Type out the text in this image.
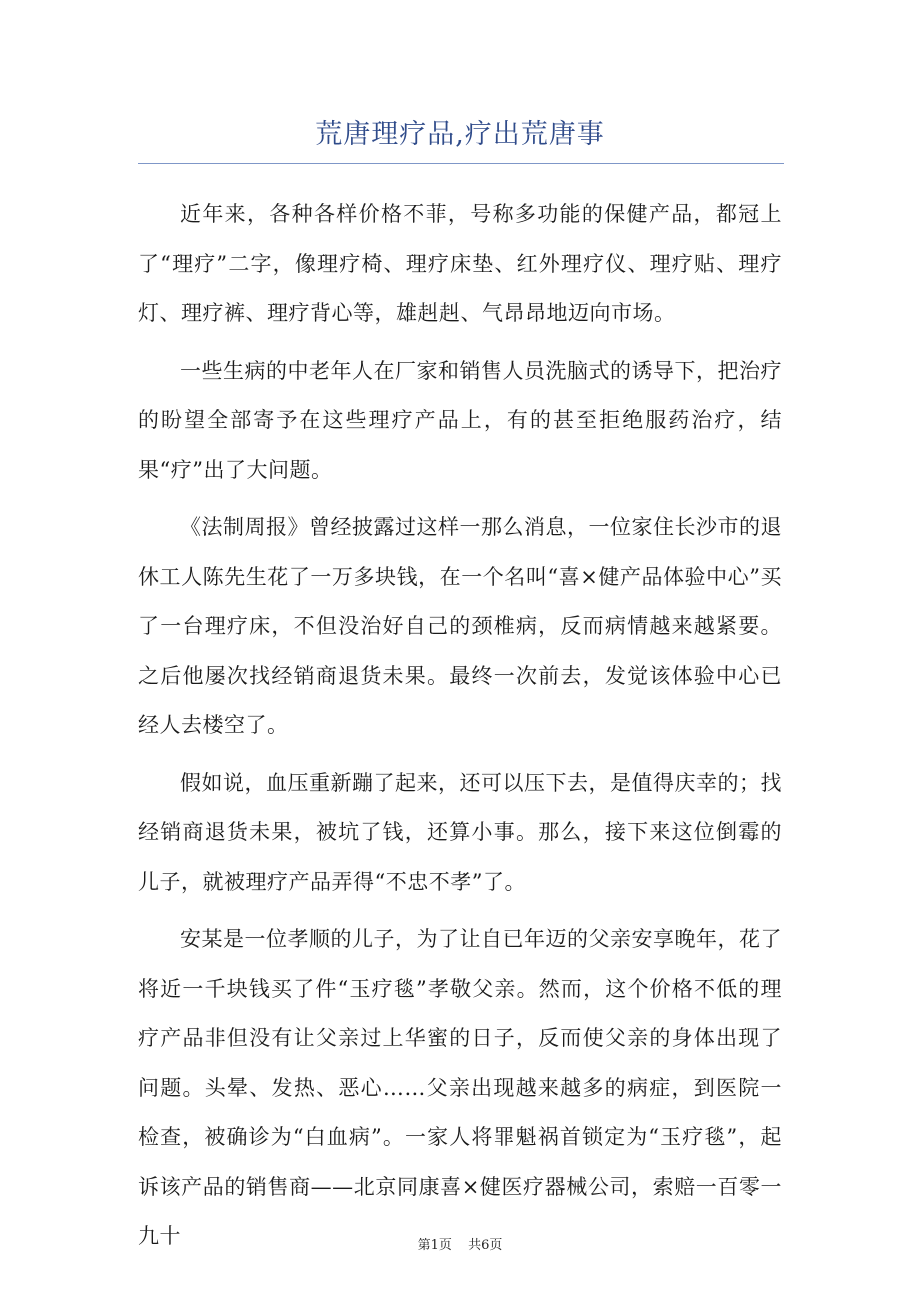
荒唐理疗品,疗出荒唐事

近年来，各种各样价格不菲，号称多功能的保健产品，都冠上了“理疗”二字，像理疗椅、理疗床垫、红外理疗仪、理疗贴、理疗灯、理疗裤、理疗背心等，雄赳赳、气昂昂地迈向市场。

一些生病的中老年人在厂家和销售人员洗脑式的诱导下，把治疗的盼望全部寄予在这些理疗产品上，有的甚至拒绝服药治疗，结果“疗”出了大问题。

《法制周报》曾经披露过这样一那么消息，一位家住长沙市的退休工人陈先生花了一万多块钱，在一个名叫“喜×健产品体验中心”买了一台理疗床，不但没治好自己的颈椎病，反而病情越来越紧要。之后他屡次找经销商退货未果。最终一次前去，发觉该体验中心已经人去楼空了。

假如说，血压重新蹦了起来，还可以压下去，是值得庆幸的；找经销商退货未果，被坑了钱，还算小事。那么，接下来这位倒霉的儿子，就被理疗产品弄得“不忠不孝”了。

安某是一位孝顺的儿子，为了让自已年迈的父亲安享晚年，花了将近一千块钱买了件“玉疗毯”孝敬父亲。然而，这个价格不低的理疗产品非但没有让父亲过上华蜜的日子，反而使父亲的身体出现了问题。头晕、发热、恶心……父亲出现越来越多的病症，到医院一检查，被确诊为“白血病”。一家人将罪魁祸首锁定为“玉疗毯”，起诉该产品的销售商——北京同康喜×健医疗器械公司，索赔一百零一九十	第1页 共6页
